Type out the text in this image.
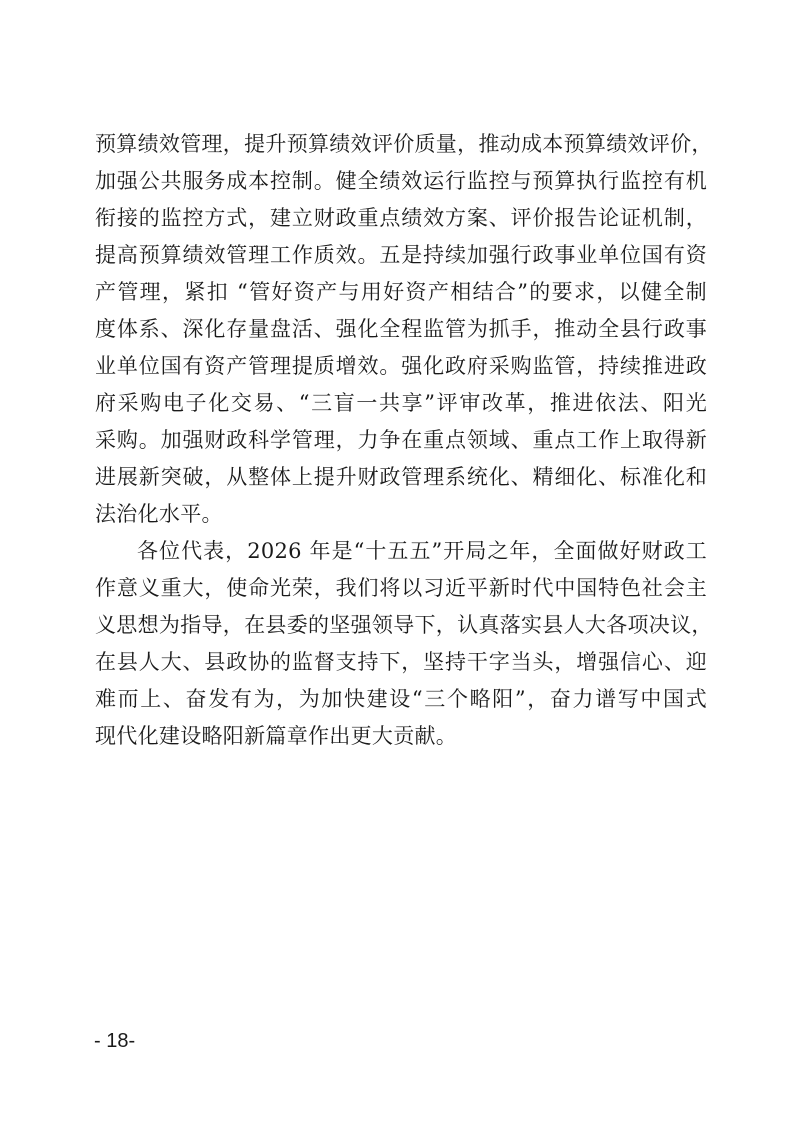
预算绩效管理，提升预算绩效评价质量，推动成本预算绩效评价，
加强公共服务成本控制。健全绩效运行监控与预算执行监控有机
衔接的监控方式，建立财政重点绩效方案、评价报告论证机制，
提高预算绩效管理工作质效。五是持续加强行政事业单位国有资
产管理，紧扣 “管好资产与用好资产相结合”的要求，以健全制
度体系、深化存量盘活、强化全程监管为抓手，推动全县行政事
业单位国有资产管理提质增效。强化政府采购监管，持续推进政
府采购电子化交易、“三盲一共享”评审改革，推进依法、阳光
采购。加强财政科学管理，力争在重点领域、重点工作上取得新
进展新突破，从整体上提升财政管理系统化、精细化、标准化和
法治化水平。
各位代表，2026 年是“十五五”开局之年，全面做好财政工
作意义重大，使命光荣，我们将以习近平新时代中国特色社会主
义思想为指导，在县委的坚强领导下，认真落实县人大各项决议，
在县人大、县政协的监督支持下，坚持干字当头，增强信心、迎
难而上、奋发有为，为加快建设“三个略阳”，奋力谱写中国式
现代化建设略阳新篇章作出更大贡献。
- 18-
